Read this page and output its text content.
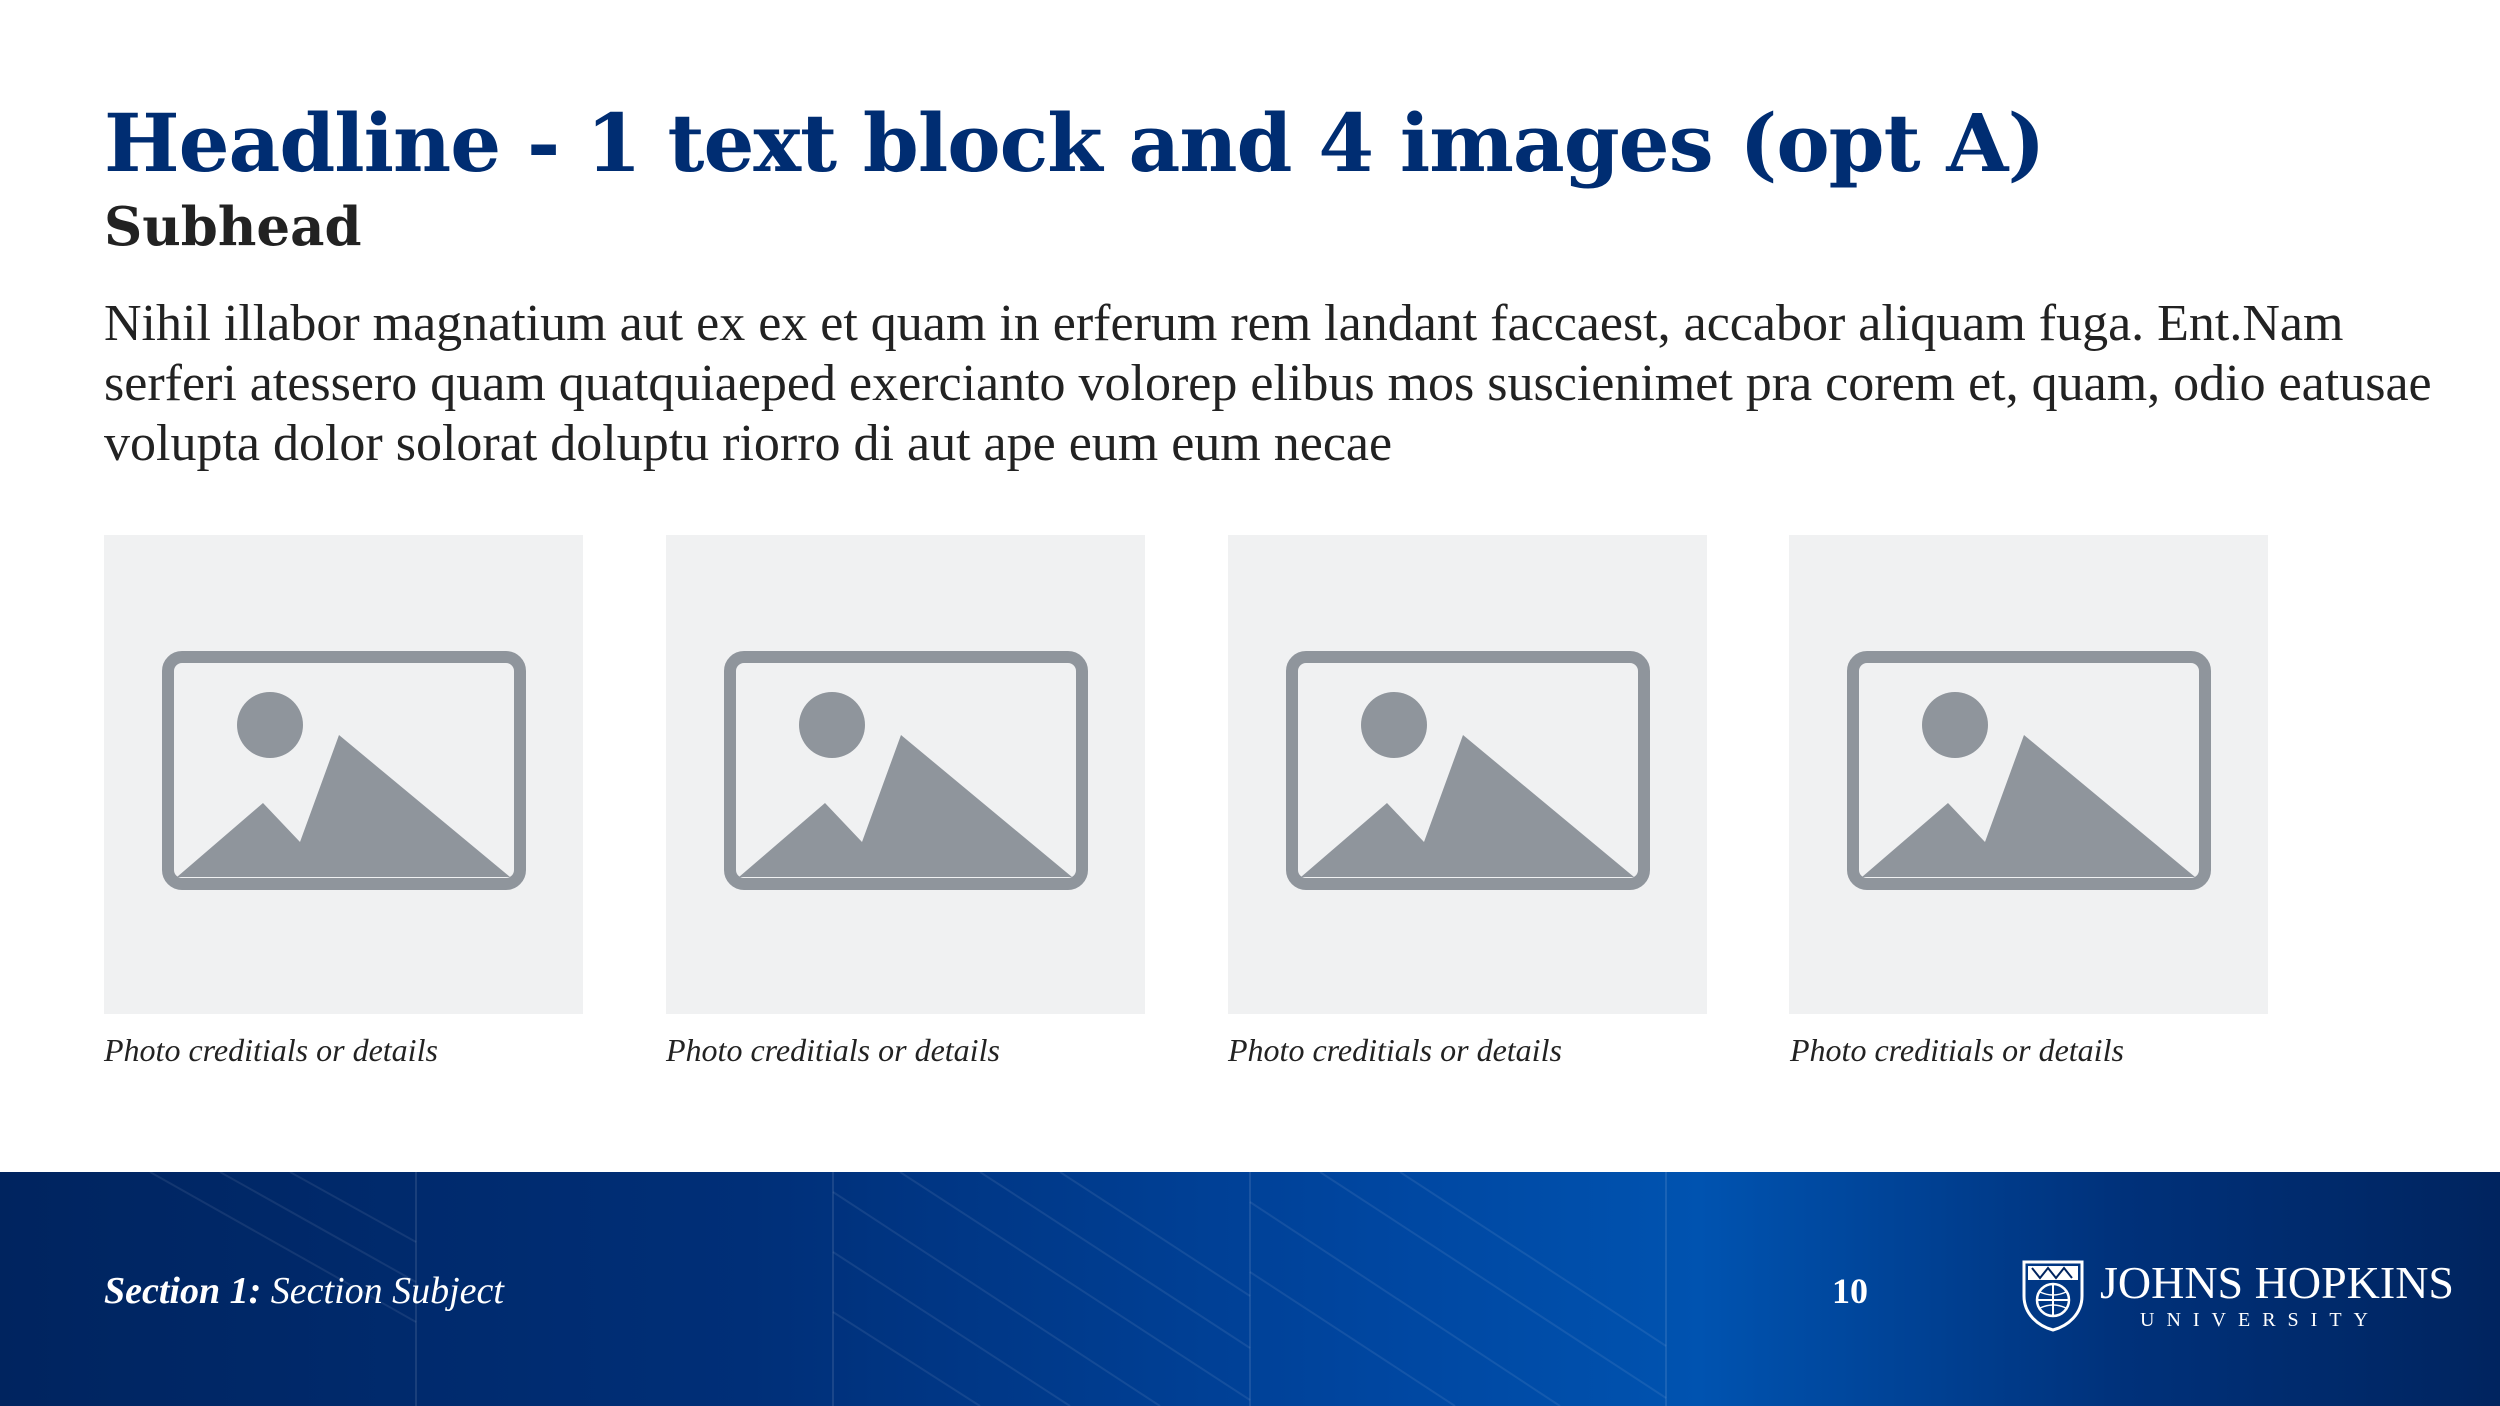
Headline - 1 text block and 4 images (opt A)
Subhead

Nihil illabor magnatium aut ex ex et quam in erferum rem landant faccaest, accabor aliquam fuga. Ent.Nam serferi atessero quam quatquiaeped exercianto volorep elibus mos suscienimet pra corem et, quam, odio eatusae volupta dolor solorat doluptu riorro di aut ape eum eum necae

Photo creditials or details	Photo creditials or details	Photo creditials or details	Photo creditials or details
Section 1: Section Subject	10	JOHNS HOPKINS
UNIVERSITY
